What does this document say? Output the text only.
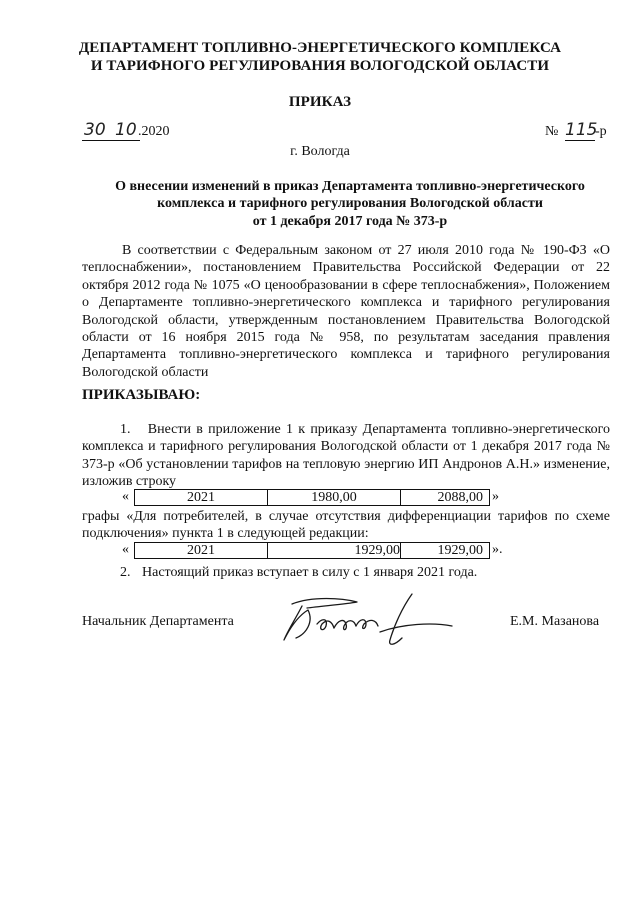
ДЕПАРТАМЕНТ ТОПЛИВНО-ЭНЕРГЕТИЧЕСКОГО КОМПЛЕКСА
И ТАРИФНОГО РЕГУЛИРОВАНИЯ ВОЛОГОДСКОЙ ОБЛАСТИ
ПРИКАЗ
30 10 .2020	№ 115
-р
г. Вологда
О внесении изменений в приказ Департамента топливно-энергетического
комплекса и тарифного регулирования Вологодской области
от 1 декабря 2017 года № 373-р
В соответствии с Федеральным законом от 27 июля 2010 года № 190-ФЗ «О теплоснабжении», постановлением Правительства Российской Федерации от 22 октября 2012 года № 1075 «О ценообразовании в сфере теплоснабжения», Положением о Департаменте топливно-энергетического комплекса и тарифного регулирования Вологодской области, утвержденным постановлением Правительства Вологодской области от 16 ноября 2015 года № 958, по результатам заседания правления Департамента топливно-энергетического комплекса и тарифного регулирования Вологодской области
ПРИКАЗЫВАЮ:
1. Внести в приложение 1 к приказу Департамента топливно-энергетического комплекса и тарифного регулирования Вологодской области от 1 декабря 2017 года № 373-р «Об установлении тарифов на тепловую энергию ИП Андронов А.Н.» изменение, изложив строку
«	2021	1980,00	2088,00 »
графы «Для потребителей, в случае отсутствия дифференциации тарифов по схеме подключения» пункта 1 в следующей редакции:
«	2021	1929,00	1929,00 ».
2. Настоящий приказ вступает в силу с 1 января 2021 года.
Начальник Департамента	Е.М. Мазанова
